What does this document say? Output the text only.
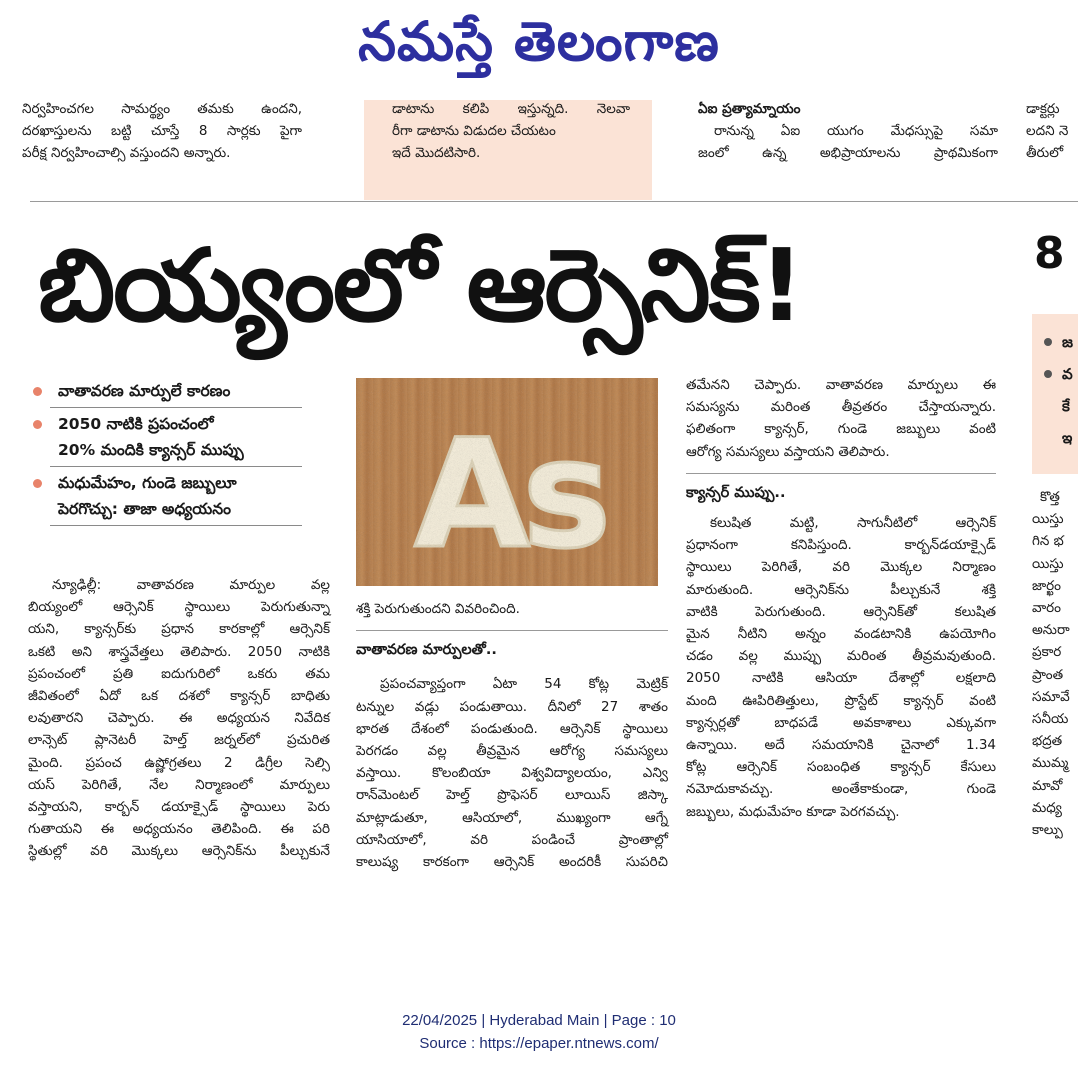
నమస్తే తెలంగాణ
నిర్వహించగల సామర్థ్యం తమకు ఉందని,
దరఖాస్తులను బట్టి చూస్తే 8 సార్లకు పైగా
పరీక్ష నిర్వహించాల్సి వస్తుందని అన్నారు.
డాటాను కలిపి ఇస్తున్నది. నెలవా
రీగా డాటాను విడుదల చేయటం
ఇదే మొదటిసారి.
ఏఐ ప్రత్యామ్నాయం
రానున్న ఏఐ యుగం మేధస్సుపై సమా
జంలో ఉన్న అభిప్రాయాలను ప్రాథమికంగా
డాక్టర్లు
లదని నె
తీరులో
బియ్యంలో ఆర్సెనిక్!	8
జ
వ
కే
ఇ
వాతావరణ మార్పులే కారణం
2050 నాటికి ప్రపంచంలో
20% మందికి క్యాన్సర్ ముప్పు
మధుమేహం, గుండె జబ్బులూ
పెరగొచ్చు: తాజా అధ్యయనం
న్యూఢిల్లీ: వాతావరణ మార్పుల వల్ల
బియ్యంలో ఆర్సెనిక్ స్థాయిలు పెరుగుతున్నా
యని, క్యాన్సర్‌కు ప్రధాన కారకాల్లో ఆర్సెనిక్
ఒకటి అని శాస్త్రవేత్తలు తెలిపారు. 2050 నాటికి
ప్రపంచంలో ప్రతి ఐదుగురిలో ఒకరు తమ
జీవితంలో ఏదో ఒక దశలో క్యాన్సర్ బాధితు
లవుతారని చెప్పారు. ఈ అధ్యయన నివేదిక
లాన్సెట్ ప్లానెటరీ హెల్త్ జర్నల్‌లో ప్రచురిత
మైంది. ప్రపంచ ఉష్ణోగ్రతలు 2 డిగ్రీల సెల్సి
యస్ పెరిగితే, నేల నిర్మాణంలో మార్పులు
వస్తాయని, కార్బన్ డయాక్సైడ్ స్థాయిలు పెరు
గుతాయని ఈ అధ్యయనం తెలిపింది. ఈ పరి
స్థితుల్లో వరి మొక్కలు ఆర్సెనిక్‌ను పీల్చుకునే
శక్తి పెరుగుతుందని వివరించింది.
వాతావరణ మార్పులతో..
ప్రపంచవ్యాప్తంగా ఏటా 54 కోట్ల మెట్రిక్
టన్నుల వడ్లు పండుతాయి. దీనిలో 27 శాతం
భారత దేశంలో పండుతుంది. ఆర్సెనిక్ స్థాయిలు
పెరగడం వల్ల తీవ్రమైన ఆరోగ్య సమస్యలు
వస్తాయి. కొలంబియా విశ్వవిద్యాలయం, ఎన్వి
రాన్‌మెంటల్ హెల్త్ ప్రొఫెసర్ లూయిస్ జిస్కా
మాట్లాడుతూ, ఆసియాలో, ముఖ్యంగా ఆగ్నే
యాసియాలో, వరి పండించే ప్రాంతాల్లో
కాలుష్య కారకంగా ఆర్సెనిక్ అందరికీ సుపరిచి
తమేనని చెప్పారు. వాతావరణ మార్పులు ఈ
సమస్యను మరింత తీవ్రతరం చేస్తాయన్నారు.
ఫలితంగా క్యాన్సర్, గుండె జబ్బులు వంటి
ఆరోగ్య సమస్యలు వస్తాయని తెలిపారు.
క్యాన్సర్ ముప్పు..
కలుషిత మట్టి, సాగునీటిలో ఆర్సెనిక్
ప్రధానంగా కనిపిస్తుంది. కార్బన్‌డయాక్సైడ్
స్థాయిలు పెరిగితే, వరి మొక్కల నిర్మాణం
మారుతుంది. ఆర్సెనిక్‌ను పీల్చుకునే శక్తి
వాటికి పెరుగుతుంది. ఆర్సెనిక్‌తో కలుషిత
మైన నీటిని అన్నం వండటానికి ఉపయోగిం
చడం వల్ల ముప్పు మరింత తీవ్రమవుతుంది.
2050 నాటికి ఆసియా దేశాల్లో లక్షలాది
మంది ఊపిరితిత్తులు, ప్రొస్టేట్ క్యాన్సర్ వంటి
క్యాన్సర్లతో బాధపడే అవకాశాలు ఎక్కువగా
ఉన్నాయి. అదే సమయానికి చైనాలో 1.34
కోట్ల ఆర్సెనిక్ సంబంధిత క్యాన్సర్ కేసులు
నమోదుకావచ్చు. అంతేకాకుండా, గుండె
జబ్బులు, మధుమేహం కూడా పెరగవచ్చు.
కొత్త
యిస్తు
గిన భ
యిస్తు
జార్ఖం
వారం
అనురా
ప్రకార
ప్రాంత
సమావే
సనీయ
భద్రత
ముమ్మ
మావో
మధ్య
కాల్పు
22/04/2025 | Hyderabad Main | Page : 10
Source : https://epaper.ntnews.com/
